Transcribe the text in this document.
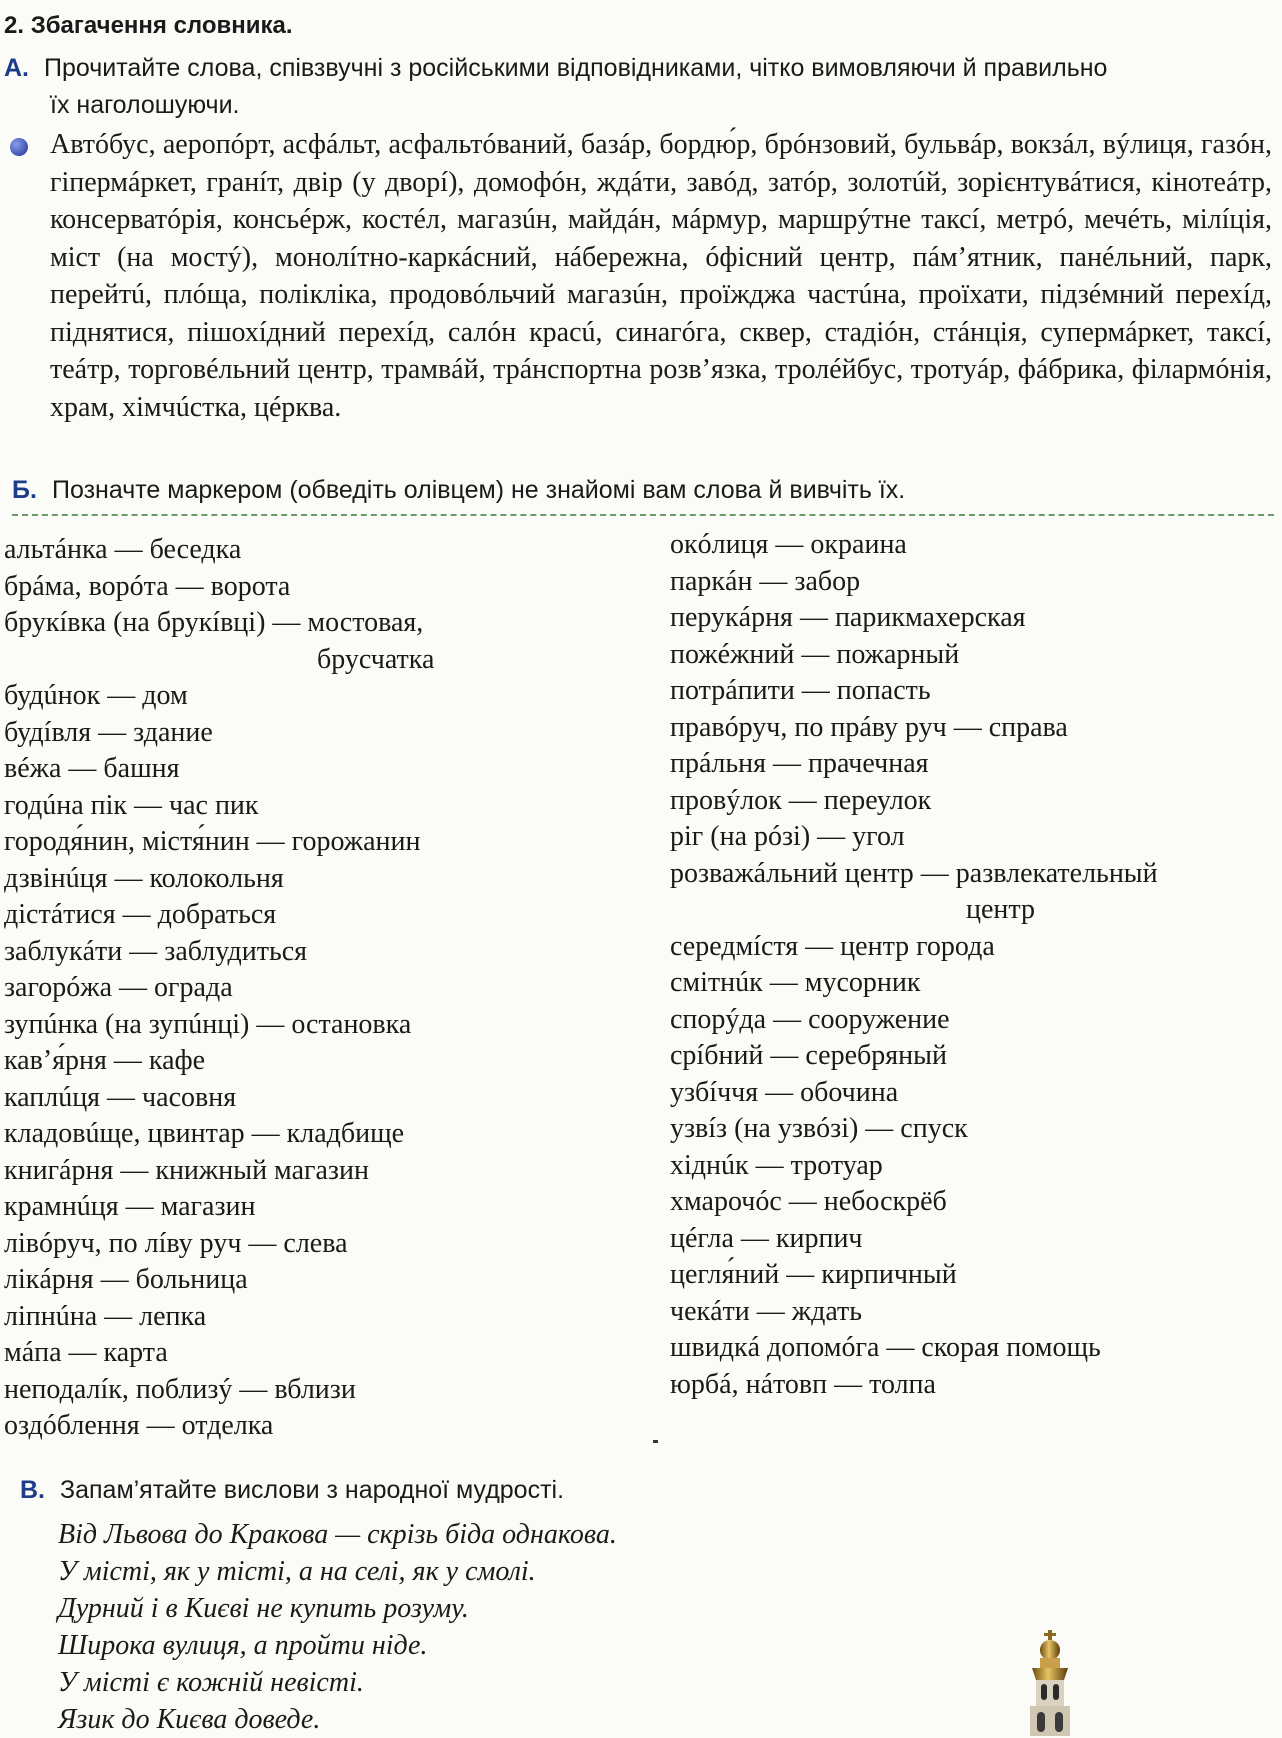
2. Збагачення словника.
А. Прочитайте слова, співзвучні з російськими відповідниками, чітко вимовляючи й правильно
їх наголошуючи.
Автóбус, аеропóрт, асфáльт, асфальтóваний, базáр, бордю́р, брóнзовий, бульвáр, вокзáл, вýлиця, газóн, гіпермáркет, гранíт, двір (у дворí), домофóн, ждáти, завóд, затóр, золотúй, зорієнтувáтися, кінотеáтр, консерватóрія, консьéрж, костéл, магазúн, майдáн, мáрмур, маршрýтне таксí, метрó, мечéть, мілíція, міст (на мостý), монолíтно-каркáсний, нáбережна, óфісний центр, пáм’ятник, панéльний, парк, перейтú, плóща, полікліка, продовóльчий магазúн, проїжджа частúна, проїхати, підзéмний перехíд, піднятися, пішохíдний перехíд, салóн красú, синагóга, сквер, стадіóн, стáнція, супермáркет, таксí, теáтр, торговéльний центр, трамвáй, трáнспортна розв’язка, тролéйбус, тротуáр, фáбрика, філармóнія, храм, хімчúстка, цéрква.
Б. Позначте маркером (обведіть олівцем) не знайомі вам слова й вивчіть їх.
альтáнка — беседка
брáма, ворóта — ворота
брукíвка (на брукíвці) — мостовая,
брусчатка
будúнок — дом
будíвля — здание
вéжа — башня
годúна пік — час пик
городя́нин, містя́нин — горожанин
дзвінúця — колокольня
дістáтися — добраться
заблукáти — заблудиться
загорóжа — ограда
зупúнка (на зупúнці) — остановка
кав’я́рня — кафе
каплúця — часовня
кладовúще, цвинтар — кладбище
книгáрня — книжный магазин
крамнúця — магазин
лівóруч, по лíву руч — слева
лікáрня — больница
ліпнúна — лепка
мáпа — карта
неподалíк, поблизý — вблизи
оздóблення — отделка
окóлиця — окраина
паркáн — забор
перукáрня — парикмахерская
пожéжний — пожарный
потрáпити — попасть
правóруч, по прáву руч — справа
прáльня — прачечная
провýлок — переулок
ріг (на рóзі) — угол
розважáльний центр — развлекательный
центр
середмíстя — центр города
смітнúк — мусорник
спорýда — сооружение
срíбний — серебряный
узбíччя — обочина
узвíз (на узвóзі) — спуск
хіднúк — тротуар
хмарочóс — небоскрёб
цéгла — кирпич
цегля́ний — кирпичный
чекáти — ждать
швидкá допомóга — скорая помощь
юрбá, нáтовп — толпа
В. Запам’ятайте вислови з народної мудрості.
Від Львова до Кракова — скрізь біда однакова.
У місті, як у тісті, а на селі, як у смолі.
Дурний і в Києві не купить розуму.
Широка вулиця, а пройти ніде.
У місті є кожній невісті.
Язик до Києва доведе.
